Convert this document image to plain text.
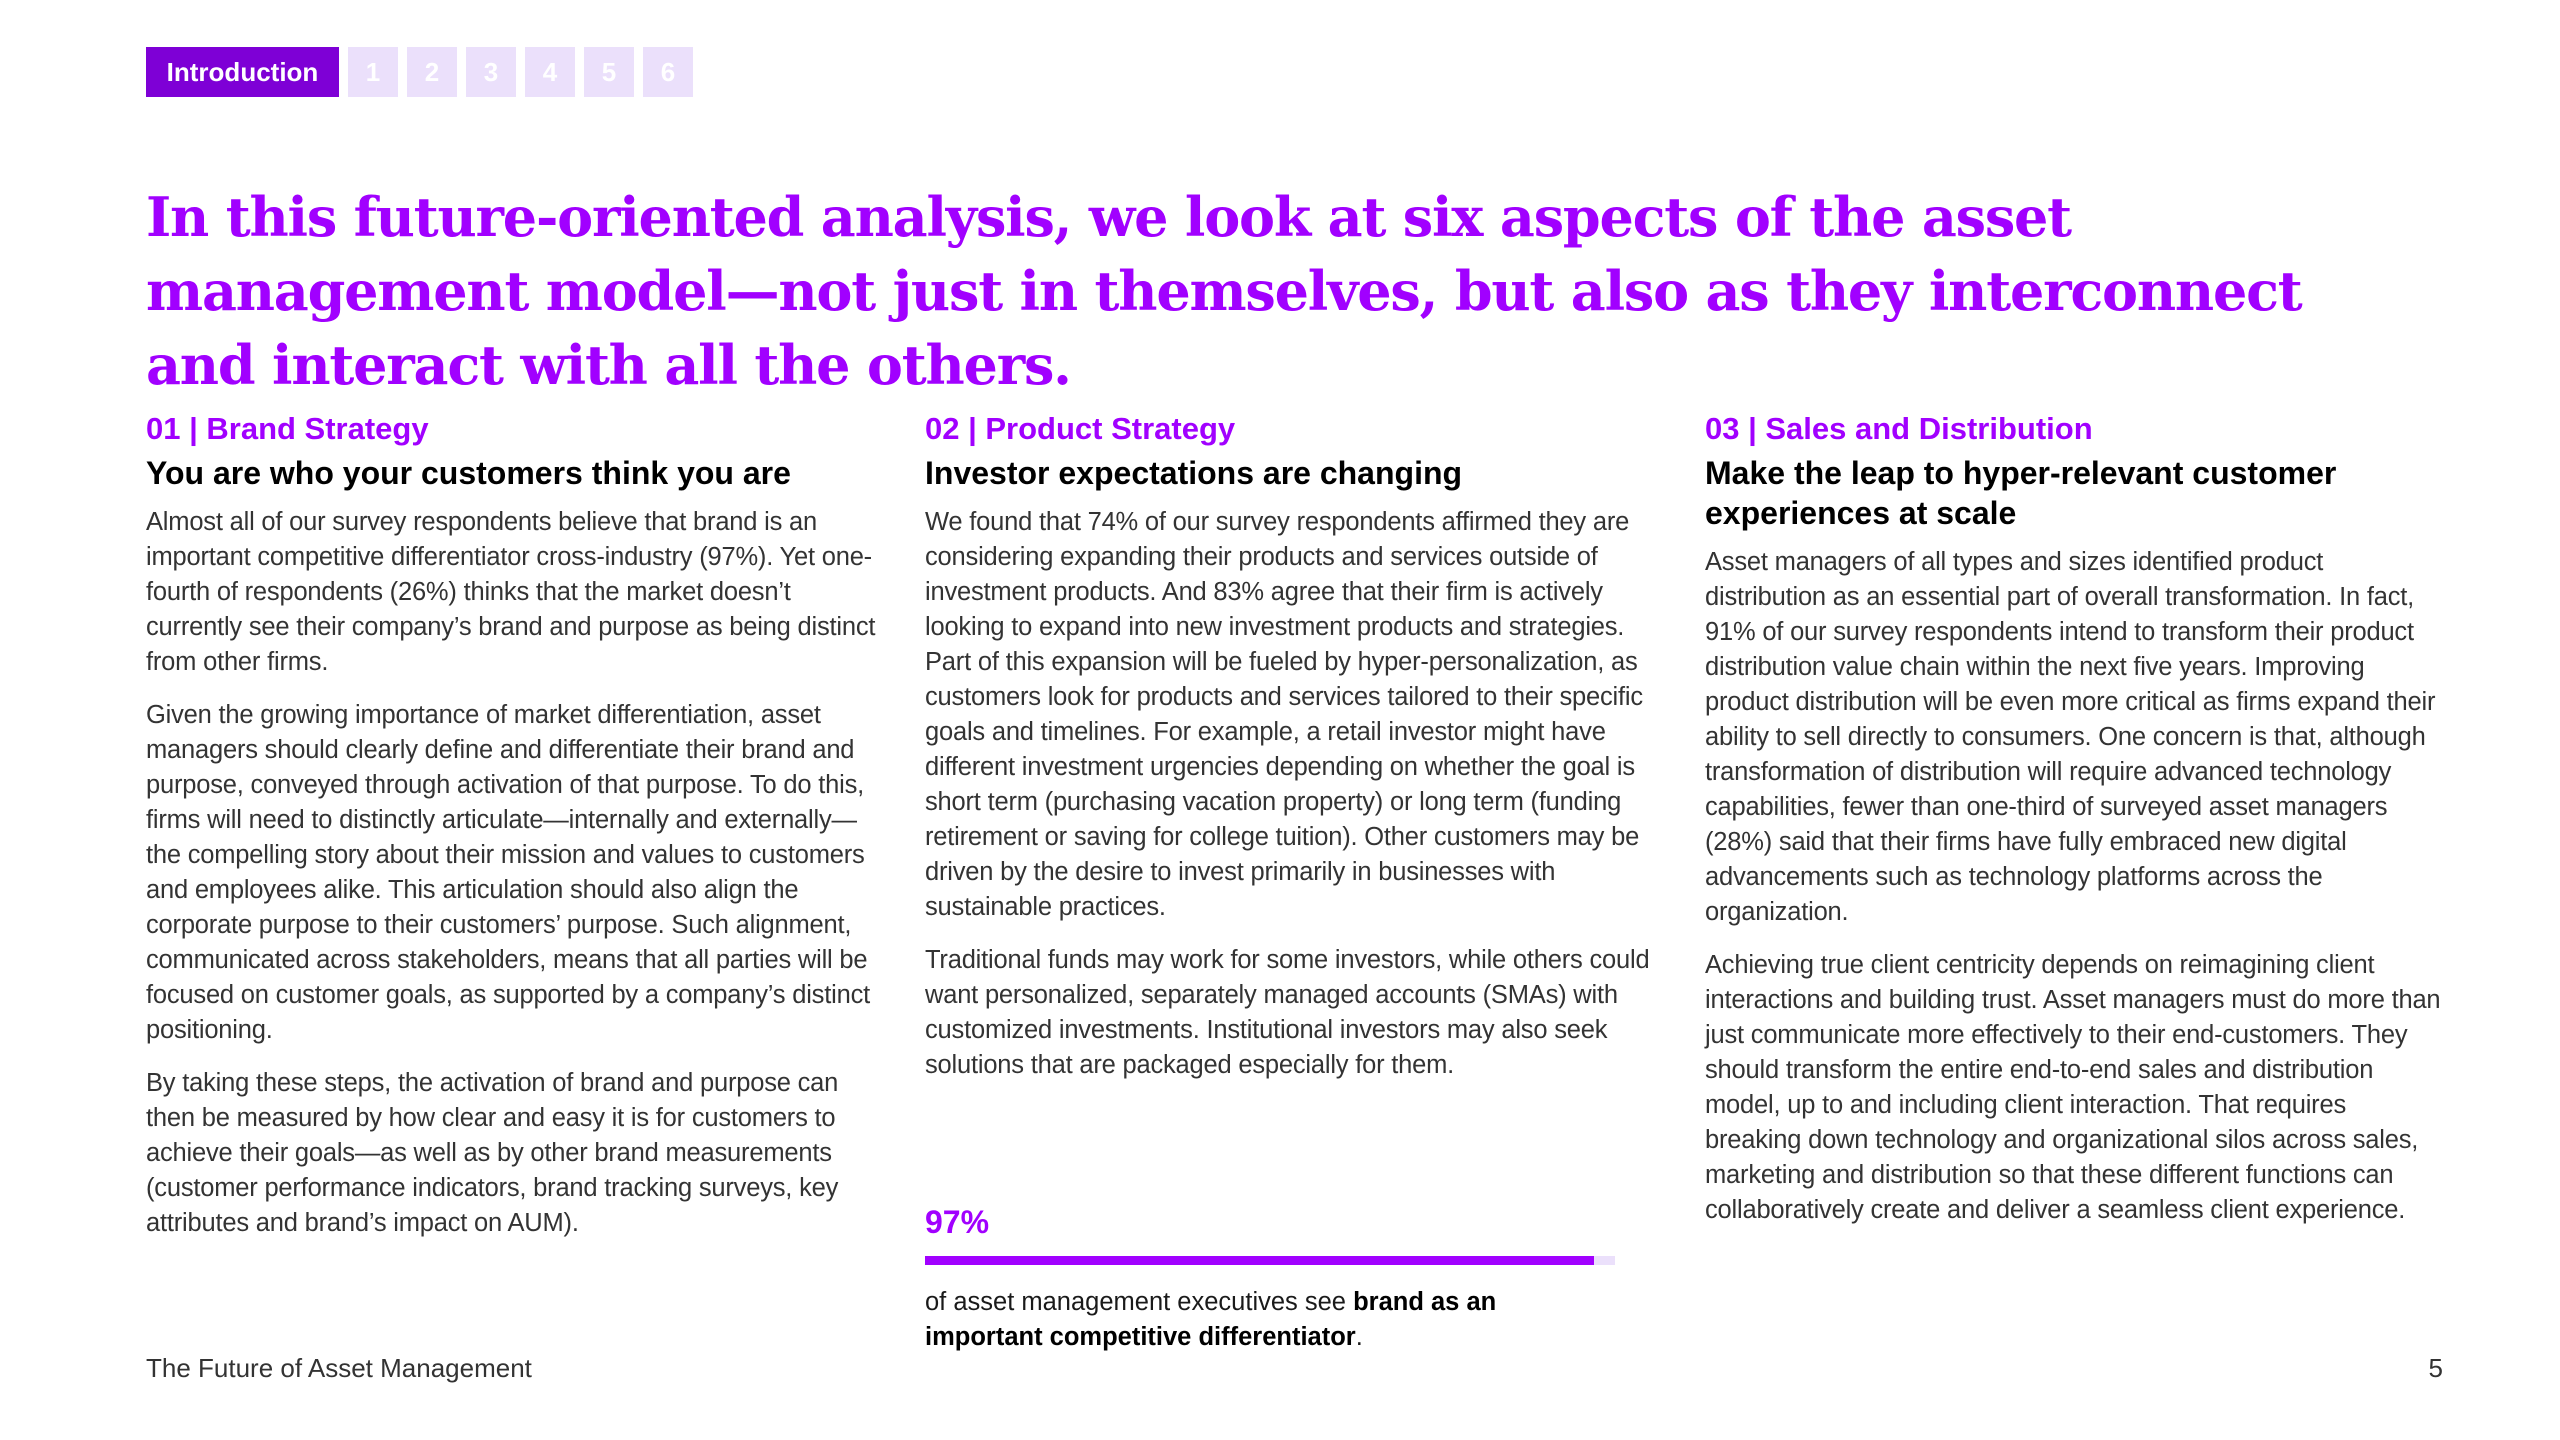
Introduction	1	2	3	4	5	6
In this future-oriented analysis, we look at six aspects of the asset management model—not just in themselves, but also as they interconnect and interact with all the others.
01 | Brand Strategy
You are who your customers think you are

Almost all of our survey respondents believe that brand is an important competitive differentiator cross-industry (97%). Yet one-fourth of respondents (26%) thinks that the market doesn’t currently see their company’s brand and purpose as being distinct from other firms.

Given the growing importance of market differentiation, asset managers should clearly define and differentiate their brand and purpose, conveyed through activation of that purpose. To do this, firms will need to distinctly articulate—internally and externally—the compelling story about their mission and values to customers and employees alike. This articulation should also align the corporate purpose to their customers’ purpose. Such alignment, communicated across stakeholders, means that all parties will be focused on customer goals, as supported by a company’s distinct positioning.

By taking these steps, the activation of brand and purpose can then be measured by how clear and easy it is for customers to achieve their goals—as well as by other brand measurements (customer performance indicators, brand tracking surveys, key attributes and brand’s impact on AUM).

02 | Product Strategy
Investor expectations are changing

We found that 74% of our survey respondents affirmed they are considering expanding their products and services outside of investment products. And 83% agree that their firm is actively looking to expand into new investment products and strategies. Part of this expansion will be fueled by hyper-personalization, as customers look for products and services tailored to their specific goals and timelines. For example, a retail investor might have different investment urgencies depending on whether the goal is short term (purchasing vacation property) or long term (funding retirement or saving for college tuition). Other customers may be driven by the desire to invest primarily in businesses with sustainable practices.

Traditional funds may work for some investors, while others could want personalized, separately managed accounts (SMAs) with customized investments. Institutional investors may also seek solutions that are packaged especially for them.

03 | Sales and Distribution
Make the leap to hyper-relevant customer experiences at scale

Asset managers of all types and sizes identified product distribution as an essential part of overall transformation. In fact, 91% of our survey respondents intend to transform their product distribution value chain within the next five years. Improving product distribution will be even more critical as firms expand their ability to sell directly to consumers. One concern is that, although transformation of distribution will require advanced technology capabilities, fewer than one-third of surveyed asset managers (28%) said that their firms have fully embraced new digital advancements such as technology platforms across the organization.

Achieving true client centricity depends on reimagining client interactions and building trust. Asset managers must do more than just communicate more effectively to their end-customers. They should transform the entire end-to-end sales and distribution model, up to and including client interaction. That requires breaking down technology and organizational silos across sales, marketing and distribution so that these different functions can collaboratively create and deliver a seamless client experience.

97%

of asset management executives see brand as an important competitive differentiator.

The Future of Asset Management	5
